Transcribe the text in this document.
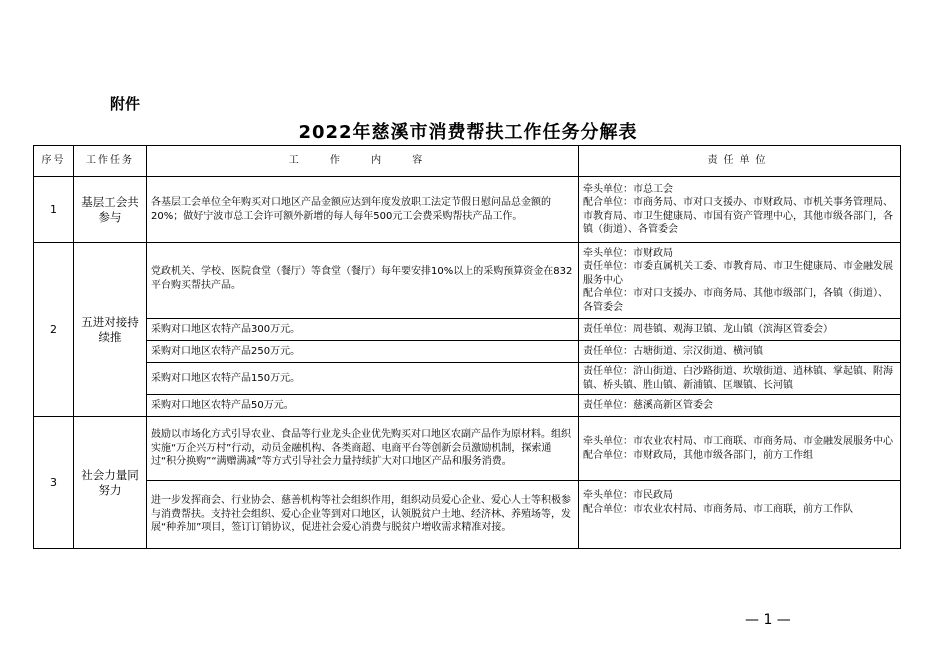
附件
2022年慈溪市消费帮扶工作任务分解表
序号	工作任务	工 作 内 容	责任单位
1	基层工会共参与	各基层工会单位全年购买对口地区产品金额应达到年度发放职工法定节假日慰问品总金额的20%；做好宁波市总工会许可额外新增的每人每年500元工会费采购帮扶产品工作。	牵头单位：市总工会
配合单位：市商务局、市对口支援办、市财政局、市机关事务管理局、市教育局、市卫生健康局、市国有资产管理中心，其他市级各部门，各镇（街道）、各管委会
2	五进对接持续推	党政机关、学校、医院食堂（餐厅）等食堂（餐厅）每年要安排10%以上的采购预算资金在832平台购买帮扶产品。	牵头单位：市财政局
责任单位：市委直属机关工委、市教育局、市卫生健康局、市金融发展服务中心
配合单位：市对口支援办、市商务局、其他市级部门，各镇（街道）、各管委会
		采购对口地区农特产品300万元。	责任单位：周巷镇、观海卫镇、龙山镇（滨海区管委会）
		采购对口地区农特产品250万元。	责任单位：古塘街道、宗汉街道、横河镇
		采购对口地区农特产品150万元。	责任单位：浒山街道、白沙路街道、坎墩街道、逍林镇、掌起镇、附海镇、桥头镇、胜山镇、新浦镇、匡堰镇、长河镇
		采购对口地区农特产品50万元。	责任单位：慈溪高新区管委会
3	社会力量同努力	鼓励以市场化方式引导农业、食品等行业龙头企业优先购买对口地区农副产品作为原材料。组织实施“万企兴万村”行动，动员金融机构、各类商超、电商平台等创新会员激励机制，探索通过“积分换购”“满赠满减”等方式引导社会力量持续扩大对口地区产品和服务消费。	牵头单位：市农业农村局、市工商联、市商务局、市金融发展服务中心
配合单位：市财政局，其他市级各部门，前方工作组
		进一步发挥商会、行业协会、慈善机构等社会组织作用，组织动员爱心企业、爱心人士等积极参与消费帮扶。支持社会组织、爱心企业等到对口地区，认领脱贫户土地、经济林、养殖场等，发展“种养加”项目，签订订销协议，促进社会爱心消费与脱贫户增收需求精准对接。	牵头单位：市民政局
配合单位：市农业农村局、市商务局、市工商联，前方工作队
— 1 —
